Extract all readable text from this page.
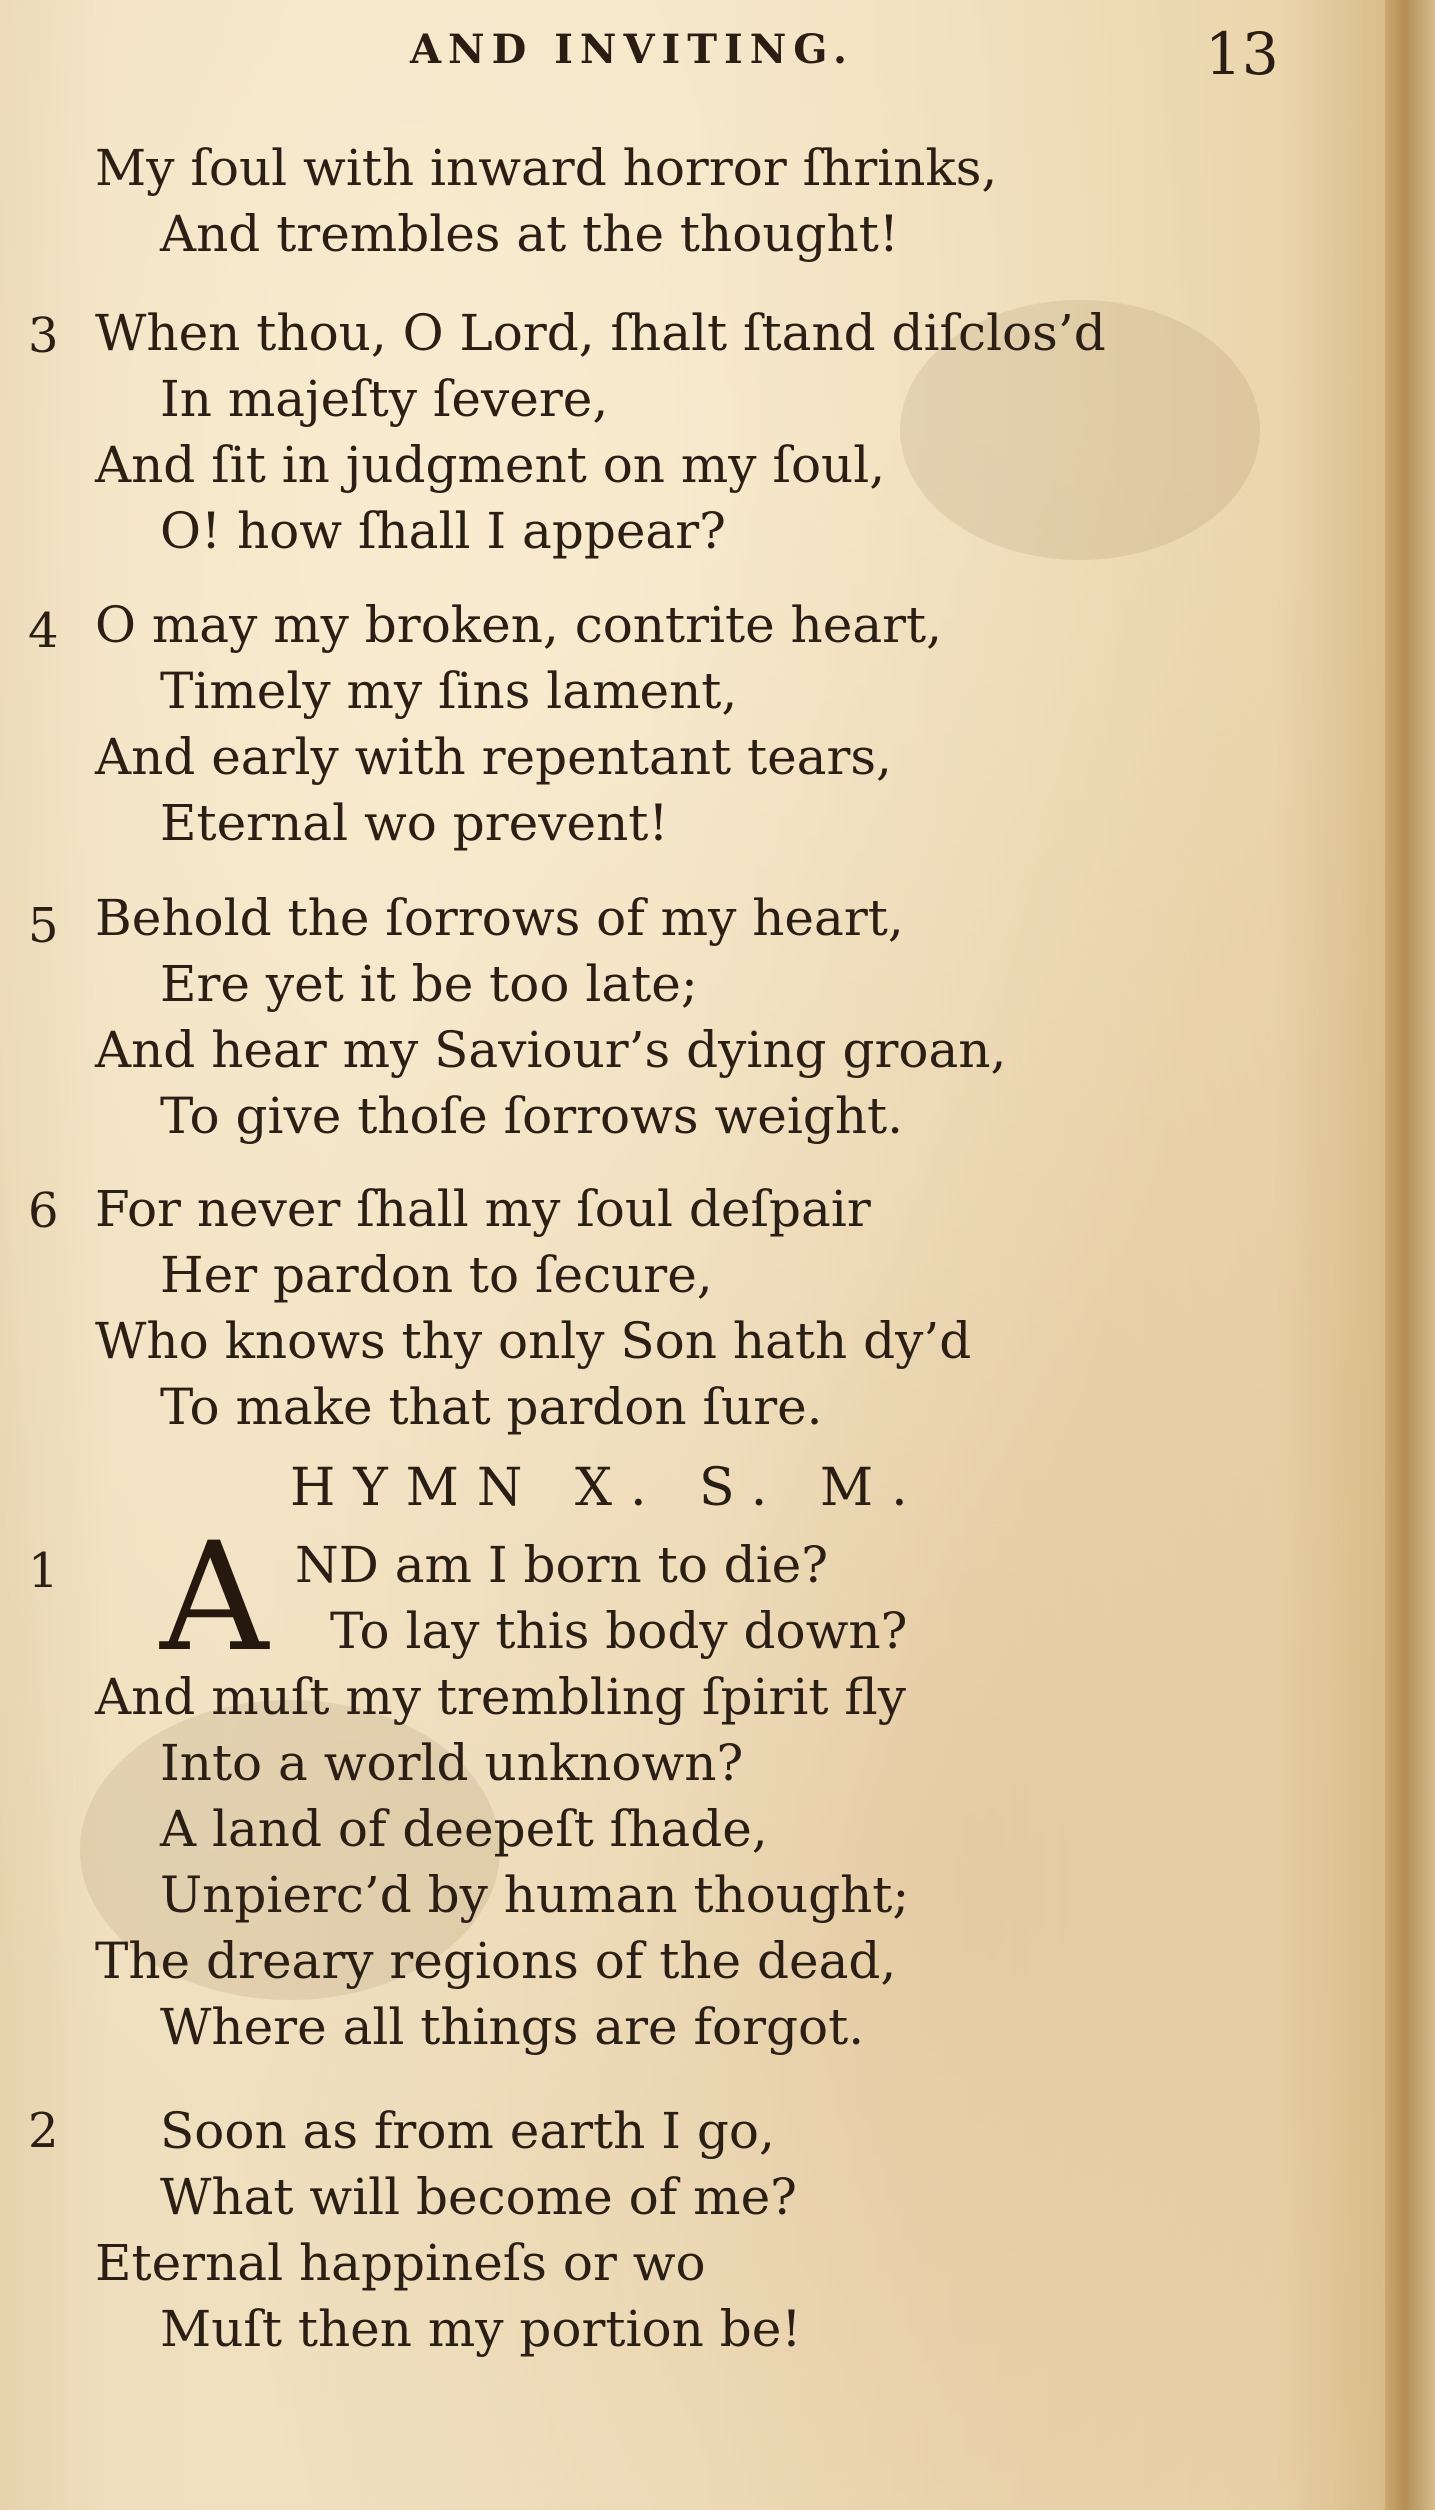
AND INVITING.	13
My ſoul with inward horror ſhrinks,
And trembles at the thought!
3 When thou, O Lord, ſhalt ſtand diſclos’d
In majeſty ſevere,
And ſit in judgment on my ſoul,
O! how ſhall I appear?
4 O may my broken, contrite heart,
Timely my ſins lament,
And early with repentant tears,
Eternal wo prevent!
5 Behold the ſorrows of my heart,
Ere yet it be too late;
And hear my Saviour’s dying groan,
To give thoſe ſorrows weight.
6 For never ſhall my ſoul deſpair
Her pardon to ſecure,
Who knows thy only Son hath dy’d
To make that pardon ſure.
HYMN X. S. M.
1 A ND am I born to die?
To lay this body down?
And muſt my trembling ſpirit fly
Into a world unknown?
A land of deepeſt ſhade,
Unpierc’d by human thought;
The dreary regions of the dead,
Where all things are forgot.
2 Soon as from earth I go,
What will become of me?
Eternal happineſs or wo
Muſt then my portion be!
